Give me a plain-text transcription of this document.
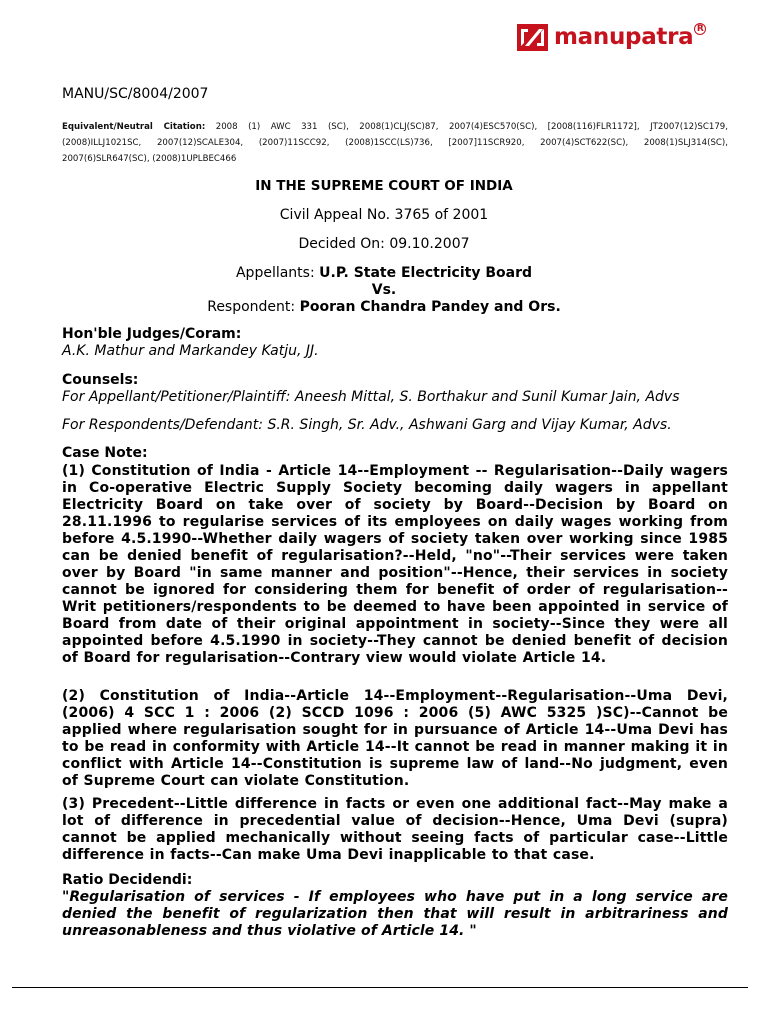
manupatra R
MANU/SC/8004/2007
Equivalent/Neutral Citation: 2008 (1) AWC 331 (SC), 2008(1)CLJ(SC)87, 2007(4)ESC570(SC), [2008(116)FLR1172], JT2007(12)SC179, (2008)ILLJ1021SC, 2007(12)SCALE304, (2007)11SCC92, (2008)1SCC(LS)736, [2007]11SCR920, 2007(4)SCT622(SC), 2008(1)SLJ314(SC), 2007(6)SLR647(SC), (2008)1UPLBEC466
IN THE SUPREME COURT OF INDIA
Civil Appeal No. 3765 of 2001
Decided On: 09.10.2007
Appellants: U.P. State Electricity Board
Vs.
Respondent: Pooran Chandra Pandey and Ors.
Hon'ble Judges/Coram:
A.K. Mathur and Markandey Katju, JJ.
Counsels:
For Appellant/Petitioner/Plaintiff: Aneesh Mittal, S. Borthakur and Sunil Kumar Jain, Advs
For Respondents/Defendant: S.R. Singh, Sr. Adv., Ashwani Garg and Vijay Kumar, Advs.
Case Note:
(1) Constitution of India - Article 14--Employment -- Regularisation--Daily wagers in Co-operative Electric Supply Society becoming daily wagers in appellant Electricity Board on take over of society by Board--Decision by Board on 28.11.1996 to regularise services of its employees on daily wages working from before 4.5.1990--Whether daily wagers of society taken over working since 1985 can be denied benefit of regularisation?--Held, "no"--Their services were taken over by Board "in same manner and position"--Hence, their services in society cannot be ignored for considering them for benefit of order of regularisation--Writ petitioners/respondents to be deemed to have been appointed in service of Board from date of their original appointment in society--Since they were all appointed before 4.5.1990 in society--They cannot be denied benefit of decision of Board for regularisation--Contrary view would violate Article 14.
(2) Constitution of India--Article 14--Employment--Regularisation--Uma Devi, (2006) 4 SCC 1 : 2006 (2) SCCD 1096 : 2006 (5) AWC 5325 )SC)--Cannot be applied where regularisation sought for in pursuance of Article 14--Uma Devi has to be read in conformity with Article 14--It cannot be read in manner making it in conflict with Article 14--Constitution is supreme law of land--No judgment, even of Supreme Court can violate Constitution.
(3) Precedent--Little difference in facts or even one additional fact--May make a lot of difference in precedential value of decision--Hence, Uma Devi (supra) cannot be applied mechanically without seeing facts of particular case--Little difference in facts--Can make Uma Devi inapplicable to that case.
Ratio Decidendi:
"Regularisation of services - If employees who have put in a long service are denied the benefit of regularization then that will result in arbitrariness and unreasonableness and thus violative of Article 14. "
